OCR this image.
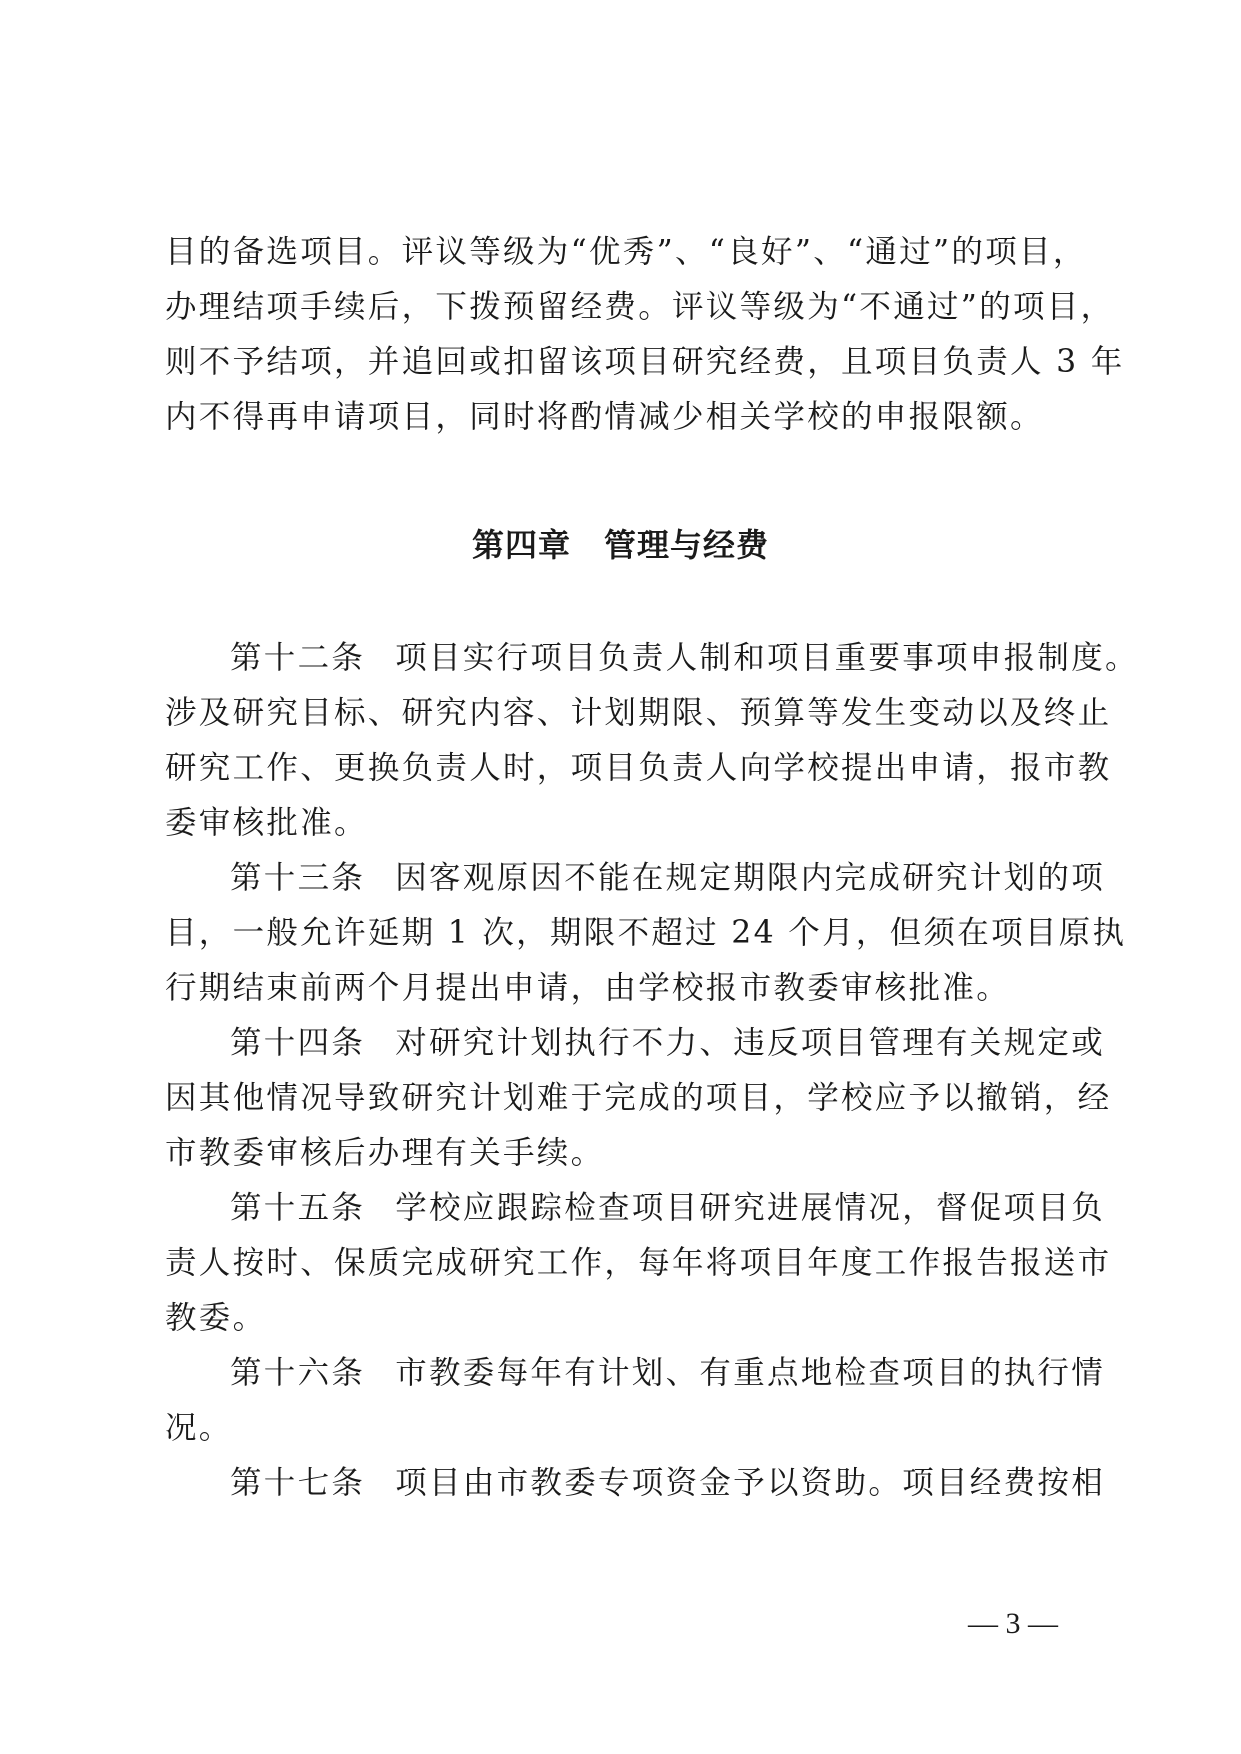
目的备选项目。评议等级为“优秀”、“良好”、“通过”的项目，
办理结项手续后，下拨预留经费。评议等级为“不通过”的项目，
则不予结项，并追回或扣留该项目研究经费，且项目负责人 3 年
内不得再申请项目，同时将酌情减少相关学校的申报限额。
第四章　管理与经费
第十二条 项目实行项目负责人制和项目重要事项申报制度。
涉及研究目标、研究内容、计划期限、预算等发生变动以及终止
研究工作、更换负责人时，项目负责人向学校提出申请，报市教
委审核批准。
第十三条 因客观原因不能在规定期限内完成研究计划的项
目，一般允许延期 1 次，期限不超过 24 个月，但须在项目原执
行期结束前两个月提出申请，由学校报市教委审核批准。
第十四条 对研究计划执行不力、违反项目管理有关规定或
因其他情况导致研究计划难于完成的项目，学校应予以撤销，经
市教委审核后办理有关手续。
第十五条 学校应跟踪检查项目研究进展情况，督促项目负
责人按时、保质完成研究工作，每年将项目年度工作报告报送市
教委。
第十六条 市教委每年有计划、有重点地检查项目的执行情
况。
第十七条 项目由市教委专项资金予以资助。项目经费按相
— 3 —
